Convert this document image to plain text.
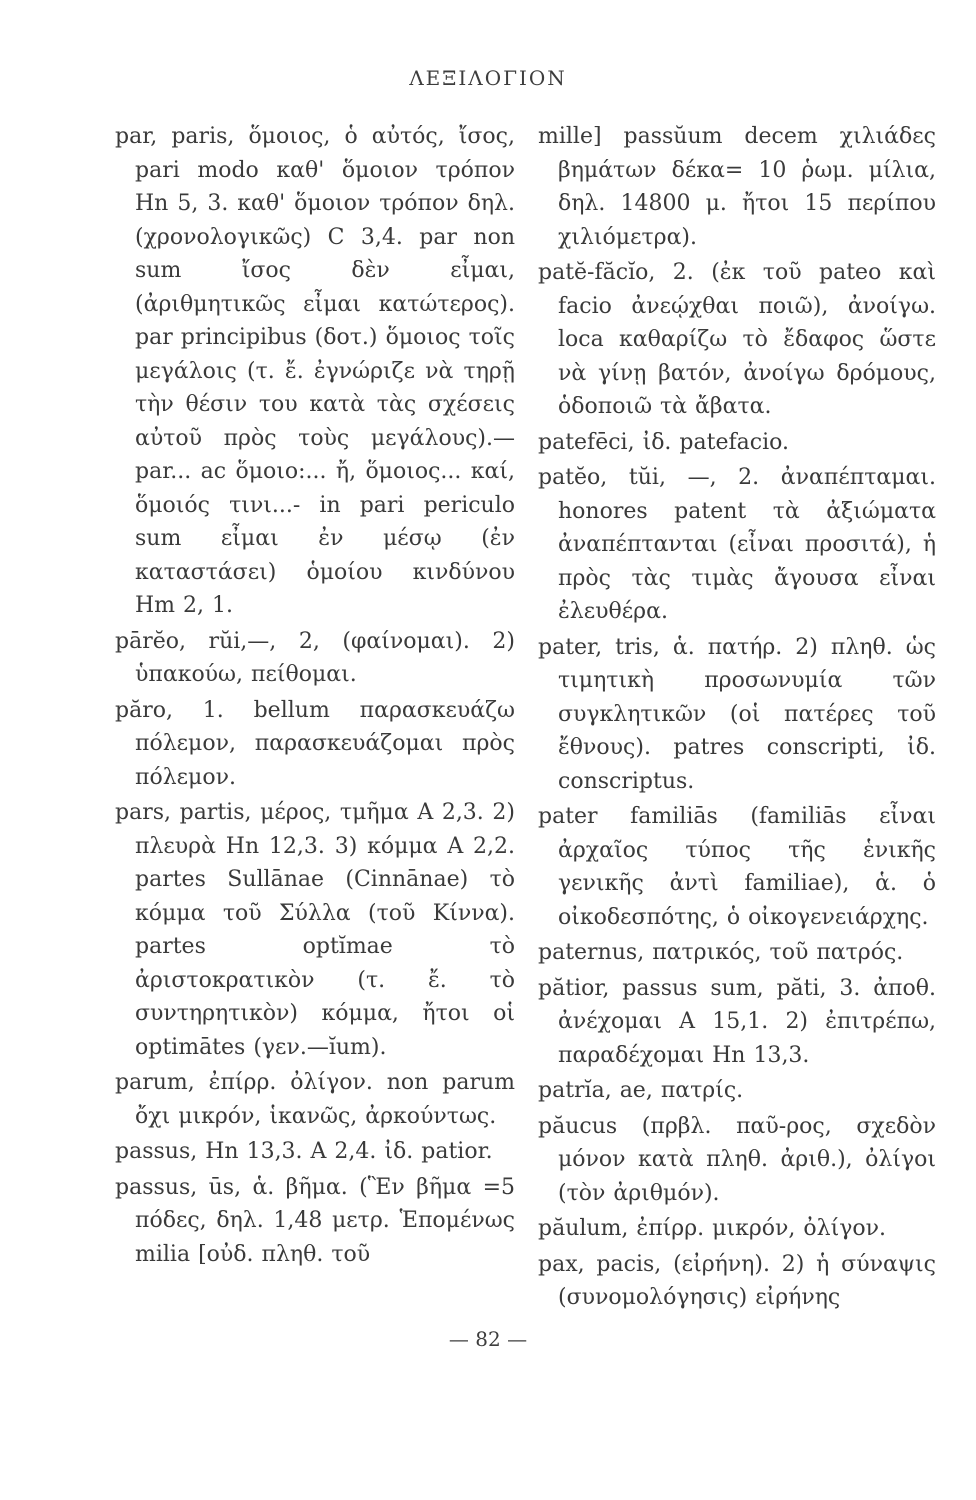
ΛΕΞΙΛΟΓΙΟΝ

par, paris, ὅμοιος, ὁ αὐτός, ἴσος, pari modo καθ' ὅμοιον τρόπον Ηn 5, 3. καθ' ὅμοιον τρόπον δηλ. (χρονολογικῶς) C 3,4. par non sum ἴσος δὲν εἶμαι, (ἀριθμητικῶς εἶμαι κατώτερος). par principibus (δοτ.) ὅμοιος τοῖς μεγάλοις (τ. ἔ. ἐγνώριζε νὰ τηρῇ τὴν θέσιν του κατὰ τὰς σχέσεις αὐτοῦ πρὸς τοὺς μεγάλους).— par... ac ὅμοιο:... ἤ, ὅμοιος... καί, ὅμοιός τινι...- in pari periculo sum εἶμαι ἐν μέσῳ (ἐν καταστάσει) ὁμοίου κινδύνου Ηm 2, 1.

pārĕo, rŭi,—, 2, (φαίνομαι). 2) ὑπακούω, πείθομαι.

păro, 1. bellum παρασκευάζω πόλεμον, παρασκευάζομαι πρὸς πόλεμον.

pars, partis, μέρος, τμῆμα Α 2,3. 2) πλευρὰ Ηn 12,3. 3) κόμμα Α 2,2. partes Sullānae (Cinnānae) τὸ κόμμα τοῦ Σύλλα (τοῦ Κίννα). partes optĭmae τὸ ἀριστοκρατικὸν (τ. ἔ. τὸ συντηρητικὸν) κόμμα, ἤτοι οἱ optimātes (γεν.—ĭum).

parum, ἐπίρρ. ὀλίγον. non parum ὄχι μικρόν, ἱκανῶς, ἀρκούντως.

passus, Ηn 13,3. Α 2,4. ἰδ. patior.

passus, ūs, ἁ. βῆμα. (Ἓν βῆμα =5 πόδες, δηλ. 1,48 μετρ. Ἑπομένως milia [οὐδ. πληθ. τοῦ

mille] passŭum decem χιλιάδες βημάτων δέκα= 10 ῥωμ. μίλια, δηλ. 14800 μ. ἤτοι 15 περίπου χιλιόμετρα).

patĕ-făcĭo, 2. (ἐκ τοῦ pateo καὶ facio ἀνεῴχθαι ποιῶ), ἀνοίγω. loca καθαρίζω τὸ ἔδαφος ὥστε νὰ γίνῃ βατόν, ἀνοίγω δρόμους, ὁδοποιῶ τὰ ἄβατα.

patefēci, ἰδ. patefacio.

patĕo, tŭi, —, 2. ἀναπέπταμαι. honores patent τὰ ἀξιώματα ἀναπέπτανται (εἶναι προσιτά), ἡ πρὸς τὰς τιμὰς ἄγουσα εἶναι ἐλευθέρα.

pater, tris, ἁ. πατήρ. 2) πληθ. ὡς τιμητικὴ προσωνυμία τῶν συγκλητικῶν (οἱ πατέρες τοῦ ἔθνους). patres conscripti, ἰδ. conscriptus.

pater familiās (familiās εἶναι ἀρχαῖος τύπος τῆς ἑνικῆς γενικῆς ἀντὶ familiae), ἁ. ὁ οἰκοδεσπότης, ὁ οἰκογενειάρχης.

paternus, πατρικός, τοῦ πατρός.

pătior, passus sum, păti, 3. ἀποθ. ἀνέχομαι Α 15,1. 2) ἐπιτρέπω, παραδέχομαι Ηn 13,3.

patrĭa, ae, πατρίς.

păucus (πρβλ. παῦ-ρος, σχεδὸν μόνον κατὰ πληθ. ἀριθ.), ὀλίγοι (τὸν ἀριθμόν).

păulum, ἐπίρρ. μικρόν, ὀλίγον.

pax, pacis, (εἰρήνη). 2) ἡ σύναψις (συνομολόγησις) εἰρήνης

— 82 —
